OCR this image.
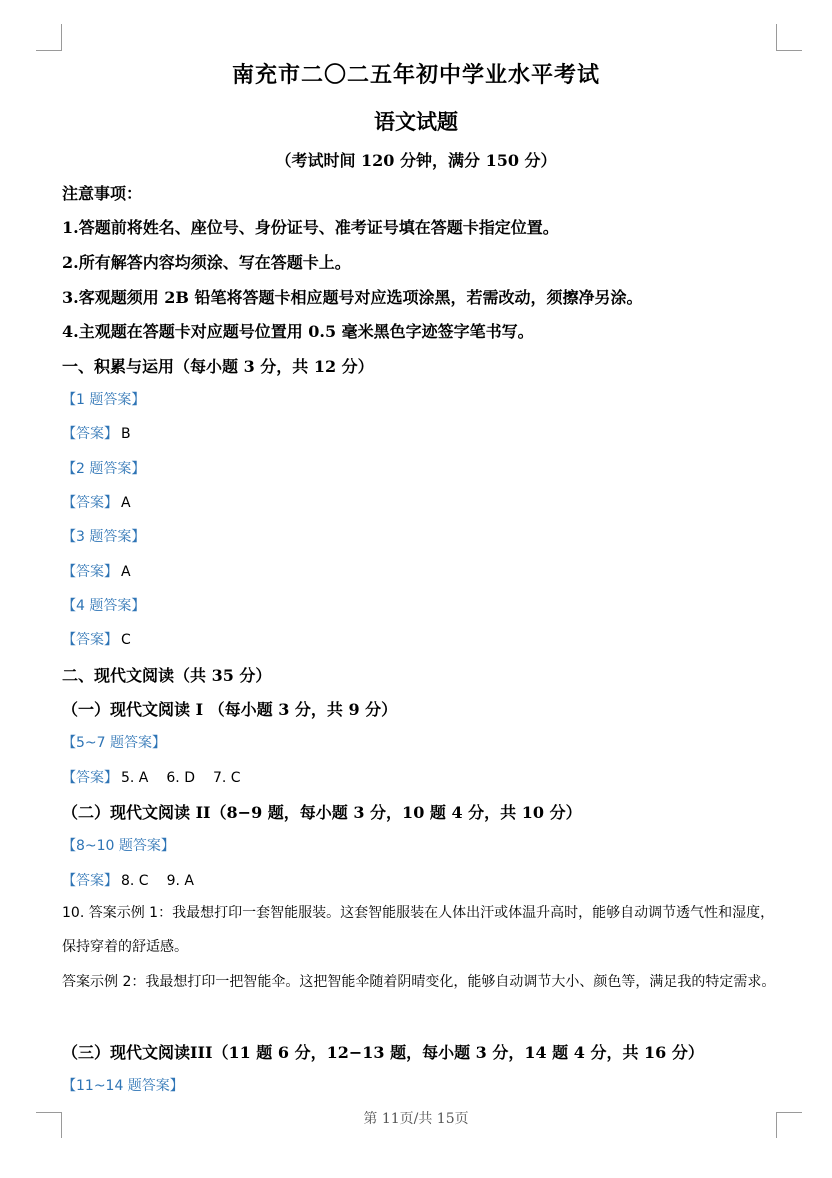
南充市二〇二五年初中学业水平考试
语文试题
（考试时间 120 分钟，满分 150 分）
注意事项：
1.答题前将姓名、座位号、身份证号、准考证号填在答题卡指定位置。
2.所有解答内容均须涂、写在答题卡上。
3.客观题须用 2B 铅笔将答题卡相应题号对应选项涂黑，若需改动，须擦净另涂。
4.主观题在答题卡对应题号位置用 0.5 毫米黑色字迹签字笔书写。
一、积累与运用（每小题 3 分，共 12 分）
【1 题答案】
【答案】 B
【2 题答案】
【答案】 A
【3 题答案】
【答案】 A
【4 题答案】
【答案】 C
二、现代文阅读（共 35 分）
（一）现代文阅读 I （每小题 3 分，共 9 分）
【5~7 题答案】
【答案】 5. A 6. D 7. C
（二）现代文阅读 II（8−9 题，每小题 3 分，10 题 4 分，共 10 分）
【8~10 题答案】
【答案】 8. C 9. A
10. 答案示例 1：我最想打印一套智能服装。这套智能服装在人体出汗或体温升高时，能够自动调节透气性和湿度，保持穿着的舒适感。
答案示例 2：我最想打印一把智能伞。这把智能伞随着阴晴变化，能够自动调节大小、颜色等，满足我的特定需求。
（三）现代文阅读III（11 题 6 分，12−13 题，每小题 3 分，14 题 4 分，共 16 分）
【11~14 题答案】
第 11页/共 15页
